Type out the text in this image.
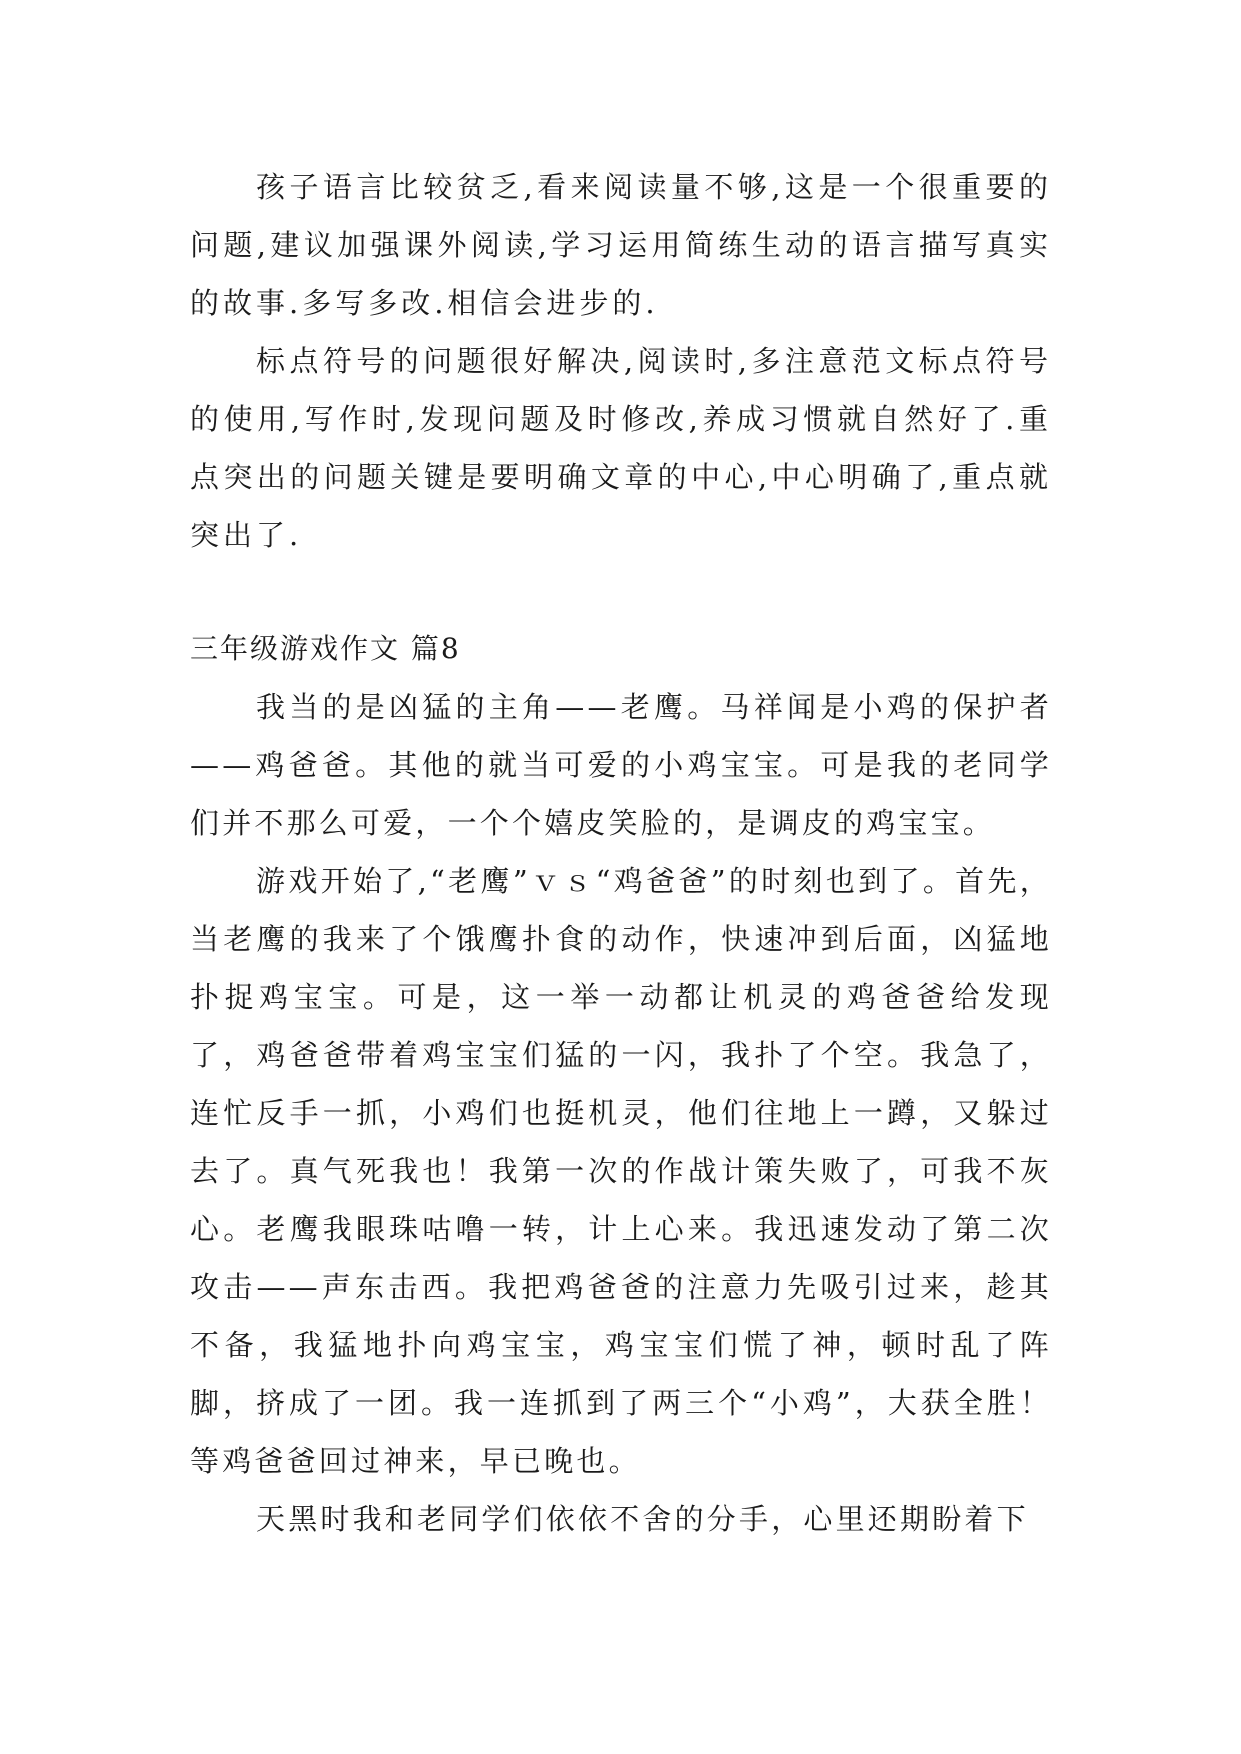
孩子语言比较贫乏,看来阅读量不够,这是一个很重要的问题,建议加强课外阅读,学习运用简练生动的语言描写真实的故事.多写多改.相信会进步的.

标点符号的问题很好解决,阅读时,多注意范文标点符号的使用,写作时,发现问题及时修改,养成习惯就自然好了.重点突出的问题关键是要明确文章的中心,中心明确了,重点就突出了.

三年级游戏作文 篇8

我当的是凶猛的主角——老鹰。马祥闻是小鸡的保护者——鸡爸爸。其他的就当可爱的小鸡宝宝。可是我的老同学们并不那么可爱，一个个嬉皮笑脸的，是调皮的鸡宝宝。

游戏开始了,“老鹰”ｖｓ“鸡爸爸”的时刻也到了。首先，当老鹰的我来了个饿鹰扑食的动作，快速冲到后面，凶猛地扑捉鸡宝宝。可是，这一举一动都让机灵的鸡爸爸给发现了，鸡爸爸带着鸡宝宝们猛的一闪，我扑了个空。我急了，连忙反手一抓，小鸡们也挺机灵，他们往地上一蹲，又躲过去了。真气死我也！我第一次的作战计策失败了，可我不灰心。老鹰我眼珠咕噜一转，计上心来。我迅速发动了第二次攻击——声东击西。我把鸡爸爸的注意力先吸引过来，趁其不备，我猛地扑向鸡宝宝，鸡宝宝们慌了神，顿时乱了阵脚，挤成了一团。我一连抓到了两三个“小鸡”，大获全胜！等鸡爸爸回过神来，早已晚也。

天黑时我和老同学们依依不舍的分手，心里还期盼着下
